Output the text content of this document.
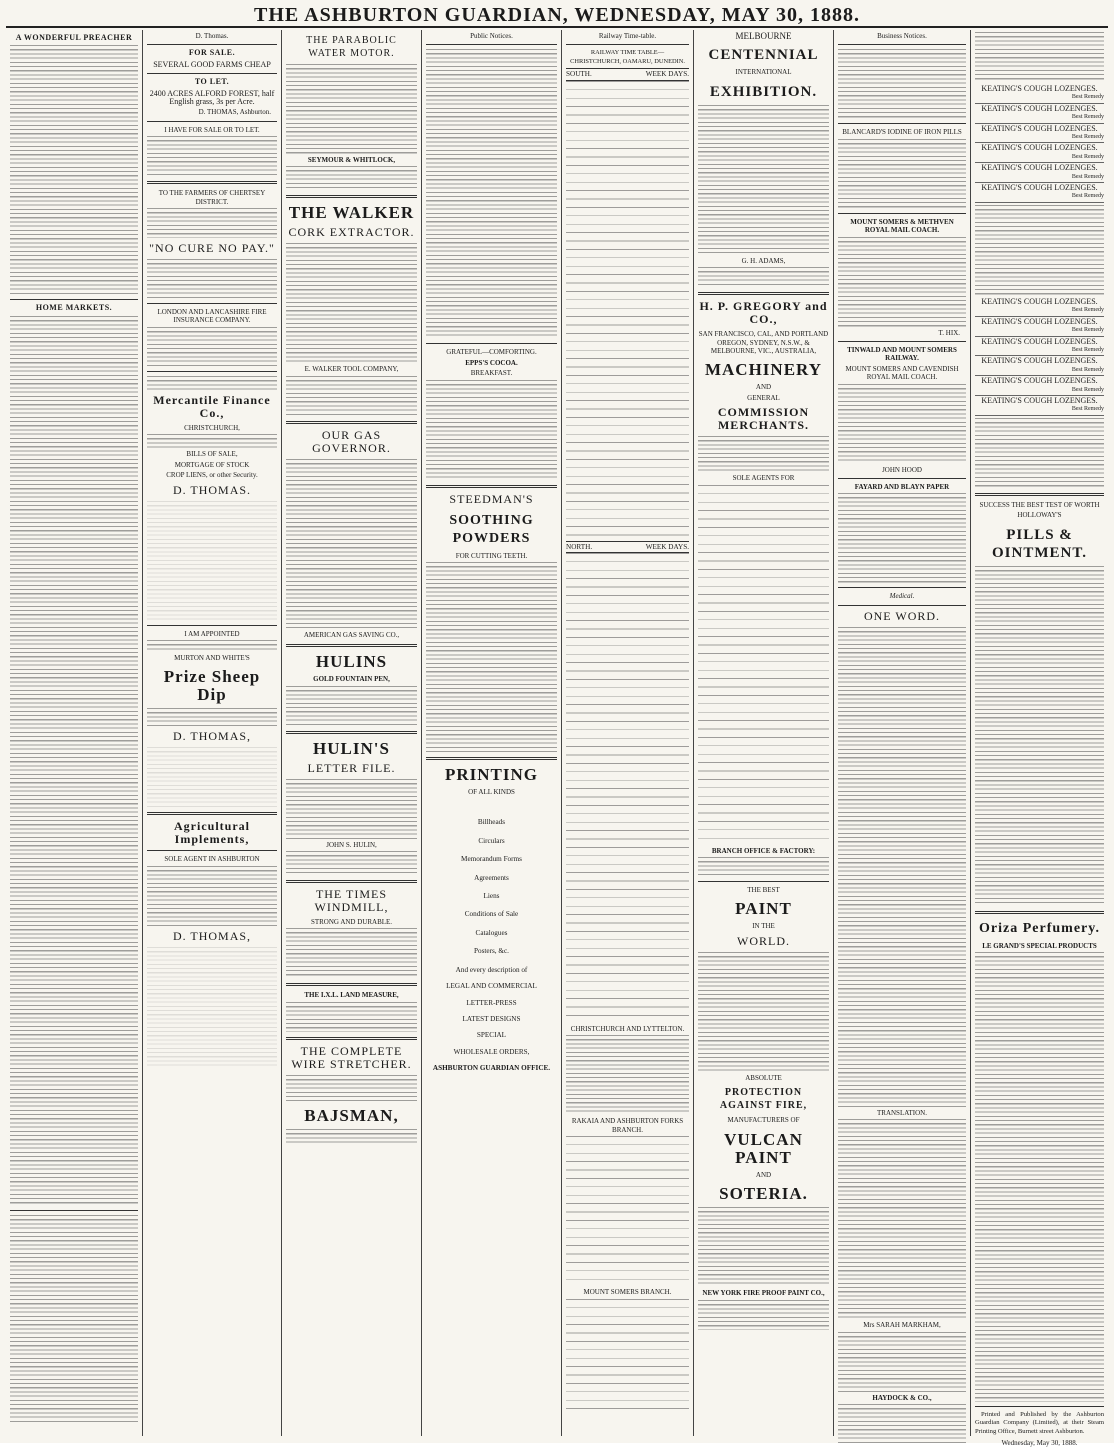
THE ASHBURTON GUARDIAN, WEDNESDAY, MAY 30, 1888.
A WONDERFUL PREACHER
HOME MARKETS.
D. Thomas.
FOR SALE.
SEVERAL GOOD FARMS CHEAP
TO LET.
2400 ACRES ALFORD FOREST, half English grass, 3s per Acre.
D. THOMAS, Ashburton.
I HAVE FOR SALE OR TO LET.
TO THE FARMERS OF CHERTSEY DISTRICT.
"NO CURE NO PAY."
LONDON AND LANCASHIRE FIRE INSURANCE COMPANY.
Mercantile Finance Co.,
CHRISTCHURCH,
BILLS OF SALE,
MORTGAGE OF STOCK
CROP LIENS, or other Security.
D. THOMAS.
I AM APPOINTED
MURTON AND WHITE'S
Prize Sheep Dip
D. THOMAS,
Agricultural Implements,
SOLE AGENT IN ASHBURTON
D. THOMAS,
THE PARABOLIC WATER MOTOR.
SEYMOUR & WHITLOCK,
THE WALKER
CORK EXTRACTOR.
E. WALKER TOOL COMPANY,
OUR GAS GOVERNOR.
AMERICAN GAS SAVING CO.,
HULINS
GOLD FOUNTAIN PEN,
HULIN'S
LETTER FILE.
JOHN S. HULIN,
THE TIMES WINDMILL,
STRONG AND DURABLE.
THE I.X.L. LAND MEASURE,
THE COMPLETE WIRE STRETCHER.
BAJSMAN,
Public Notices.
GRATEFUL—COMFORTING.
EPPS'S COCOA.
BREAKFAST.
STEEDMAN'S
SOOTHING POWDERS
FOR CUTTING TEETH.
PRINTING
OF ALL KINDS
Billheads
Circulars
Memorandum Forms
Agreements
Liens
Conditions of Sale
Catalogues
Posters, &c.
And every description of
LEGAL AND COMMERCIAL
LETTER-PRESS
LATEST DESIGNS
SPECIAL
WHOLESALE ORDERS,
ASHBURTON GUARDIAN OFFICE.
Railway Time-table.
RAILWAY TIME TABLE—CHRISTCHURCH, OAMARU, DUNEDIN.
SOUTH.	WEEK DAYS.
NORTH.	WEEK DAYS.
CHRISTCHURCH AND LYTTELTON.
RAKAIA AND ASHBURTON FORKS BRANCH.
MOUNT SOMERS BRANCH.
MELBOURNE
CENTENNIAL
INTERNATIONAL
EXHIBITION.
G. H. ADAMS,
H. P. GREGORY and CO.,
SAN FRANCISCO, CAL, AND PORTLAND OREGON, SYDNEY, N.S.W., & MELBOURNE, VIC., AUSTRALIA,
MACHINERY
AND
GENERAL
COMMISSION MERCHANTS.
SOLE AGENTS FOR
BRANCH OFFICE & FACTORY:
THE BEST
PAINT
IN THE
WORLD.
ABSOLUTE
PROTECTION AGAINST FIRE,
MANUFACTURERS OF
VULCAN PAINT
AND
SOTERIA.
NEW YORK FIRE PROOF PAINT CO.,
Business Notices.
BLANCARD'S IODINE OF IRON PILLS
MOUNT SOMERS & METHVEN ROYAL MAIL COACH.
T. HIX.
TINWALD AND MOUNT SOMERS RAILWAY.
MOUNT SOMERS AND CAVENDISH ROYAL MAIL COACH.
JOHN HOOD
FAYARD AND BLAYN PAPER
Medical.
ONE WORD.
TRANSLATION.
Mrs SARAH MARKHAM,
HAYDOCK & CO.,
KEATING'S COUGH LOZENGES.
Best Remedy
KEATING'S COUGH LOZENGES.
Best Remedy
KEATING'S COUGH LOZENGES.
Best Remedy
KEATING'S COUGH LOZENGES.
Best Remedy
KEATING'S COUGH LOZENGES.
Best Remedy
KEATING'S COUGH LOZENGES.
Best Remedy
KEATING'S COUGH LOZENGES.
Best Remedy
KEATING'S COUGH LOZENGES.
Best Remedy
KEATING'S COUGH LOZENGES.
Best Remedy
KEATING'S COUGH LOZENGES.
Best Remedy
KEATING'S COUGH LOZENGES.
Best Remedy
KEATING'S COUGH LOZENGES.
Best Remedy
SUCCESS THE BEST TEST OF WORTH
HOLLOWAY'S
PILLS & OINTMENT.
Oriza Perfumery.
LE GRAND'S SPECIAL PRODUCTS
Printed and Published by the Ashburton Guardian Company (Limited), at their Steam Printing Office, Burnett street Ashburton.
Wednesday, May 30, 1888.
